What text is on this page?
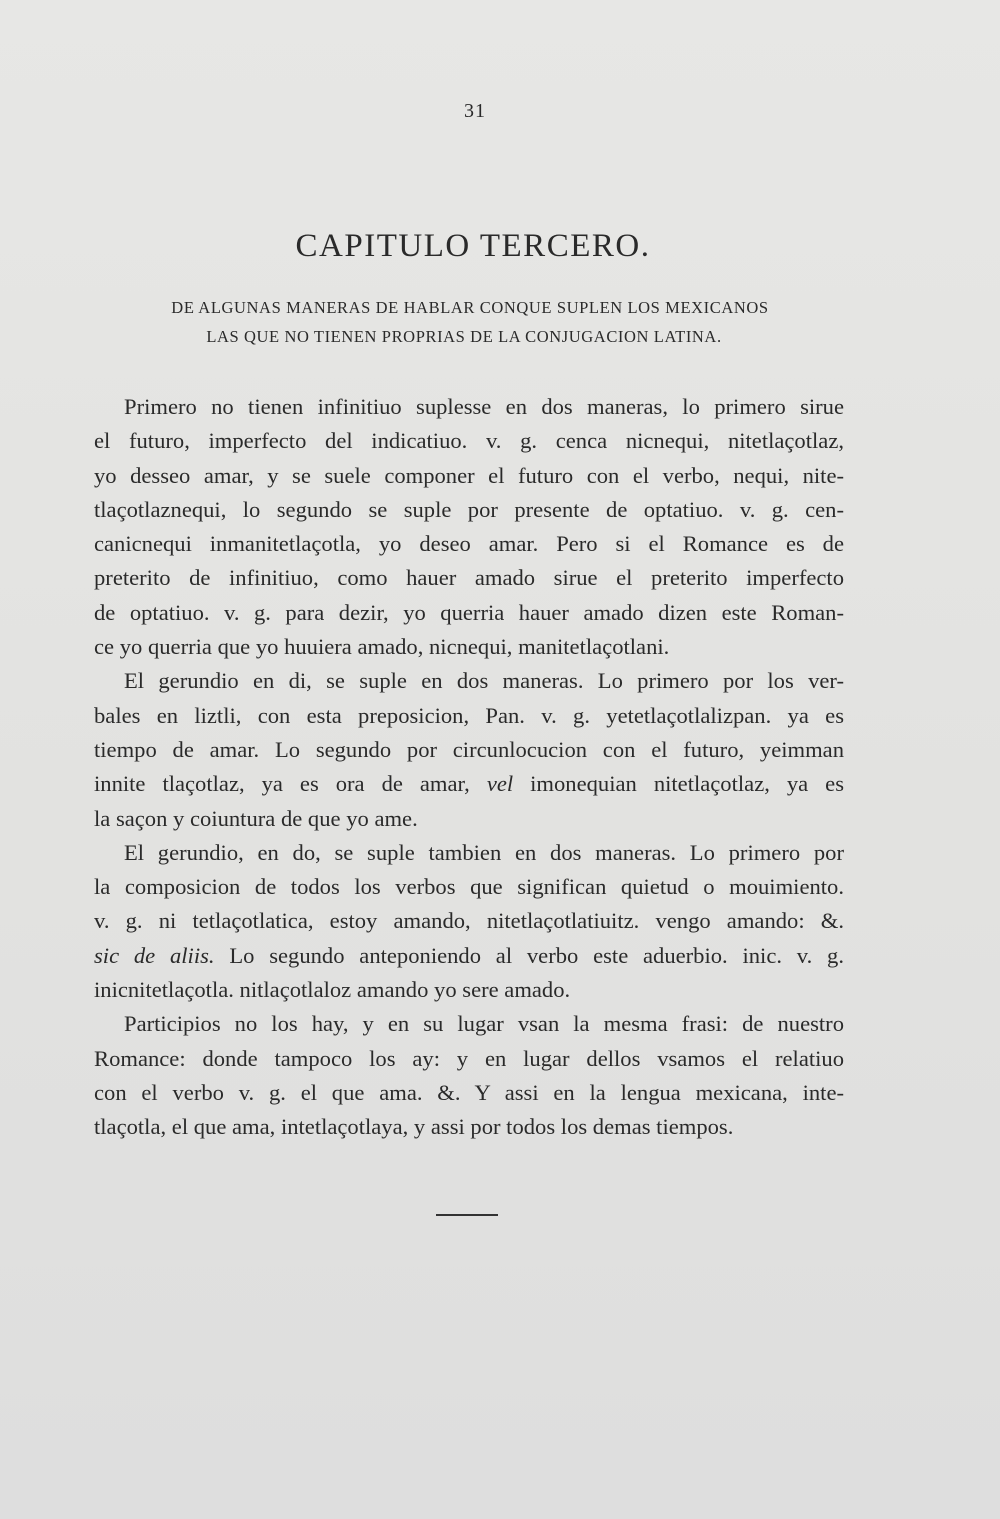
31
CAPITULO TERCERO.
DE ALGUNAS MANERAS DE HABLAR CONQUE SUPLEN LOS MEXICANOS
LAS QUE NO TIENEN PROPRIAS DE LA CONJUGACION LATINA.
Primero no tienen infinitiuo suplesse en dos maneras, lo primero sirue
el futuro, imperfecto del indicatiuo. v. g. cenca nicnequi, nitetlaçotlaz,
yo desseo amar, y se suele componer el futuro con el verbo, nequi, nite-
tlaçotlaznequi, lo segundo se suple por presente de optatiuo. v. g. cen-
canicnequi inmanitetlaçotla, yo deseo amar. Pero si el Romance es de
preterito de infinitiuo, como hauer amado sirue el preterito imperfecto
de optatiuo. v. g. para dezir, yo querria hauer amado dizen este Roman-
ce yo querria que yo huuiera amado, nicnequi, manitetlaçotlani.
El gerundio en di, se suple en dos maneras. Lo primero por los ver-
bales en liztli, con esta preposicion, Pan. v. g. yetetlaçotlalizpan. ya es
tiempo de amar. Lo segundo por circunlocucion con el futuro, yeimman
innite tlaçotlaz, ya es ora de amar, vel imonequian nitetlaçotlaz, ya es
la saçon y coiuntura de que yo ame.
El gerundio, en do, se suple tambien en dos maneras. Lo primero por
la composicion de todos los verbos que significan quietud o mouimiento.
v. g. ni tetlaçotlatica, estoy amando, nitetlaçotlatiuitz. vengo amando: &.
sic de aliis. Lo segundo anteponiendo al verbo este aduerbio. inic. v. g.
inicnitetlaçotla. nitlaçotlaloz amando yo sere amado.
Participios no los hay, y en su lugar vsan la mesma frasi: de nuestro
Romance: donde tampoco los ay: y en lugar dellos vsamos el relatiuo
con el verbo v. g. el que ama. &. Y assi en la lengua mexicana, inte-
tlaçotla, el que ama, intetlaçotlaya, y assi por todos los demas tiempos.
